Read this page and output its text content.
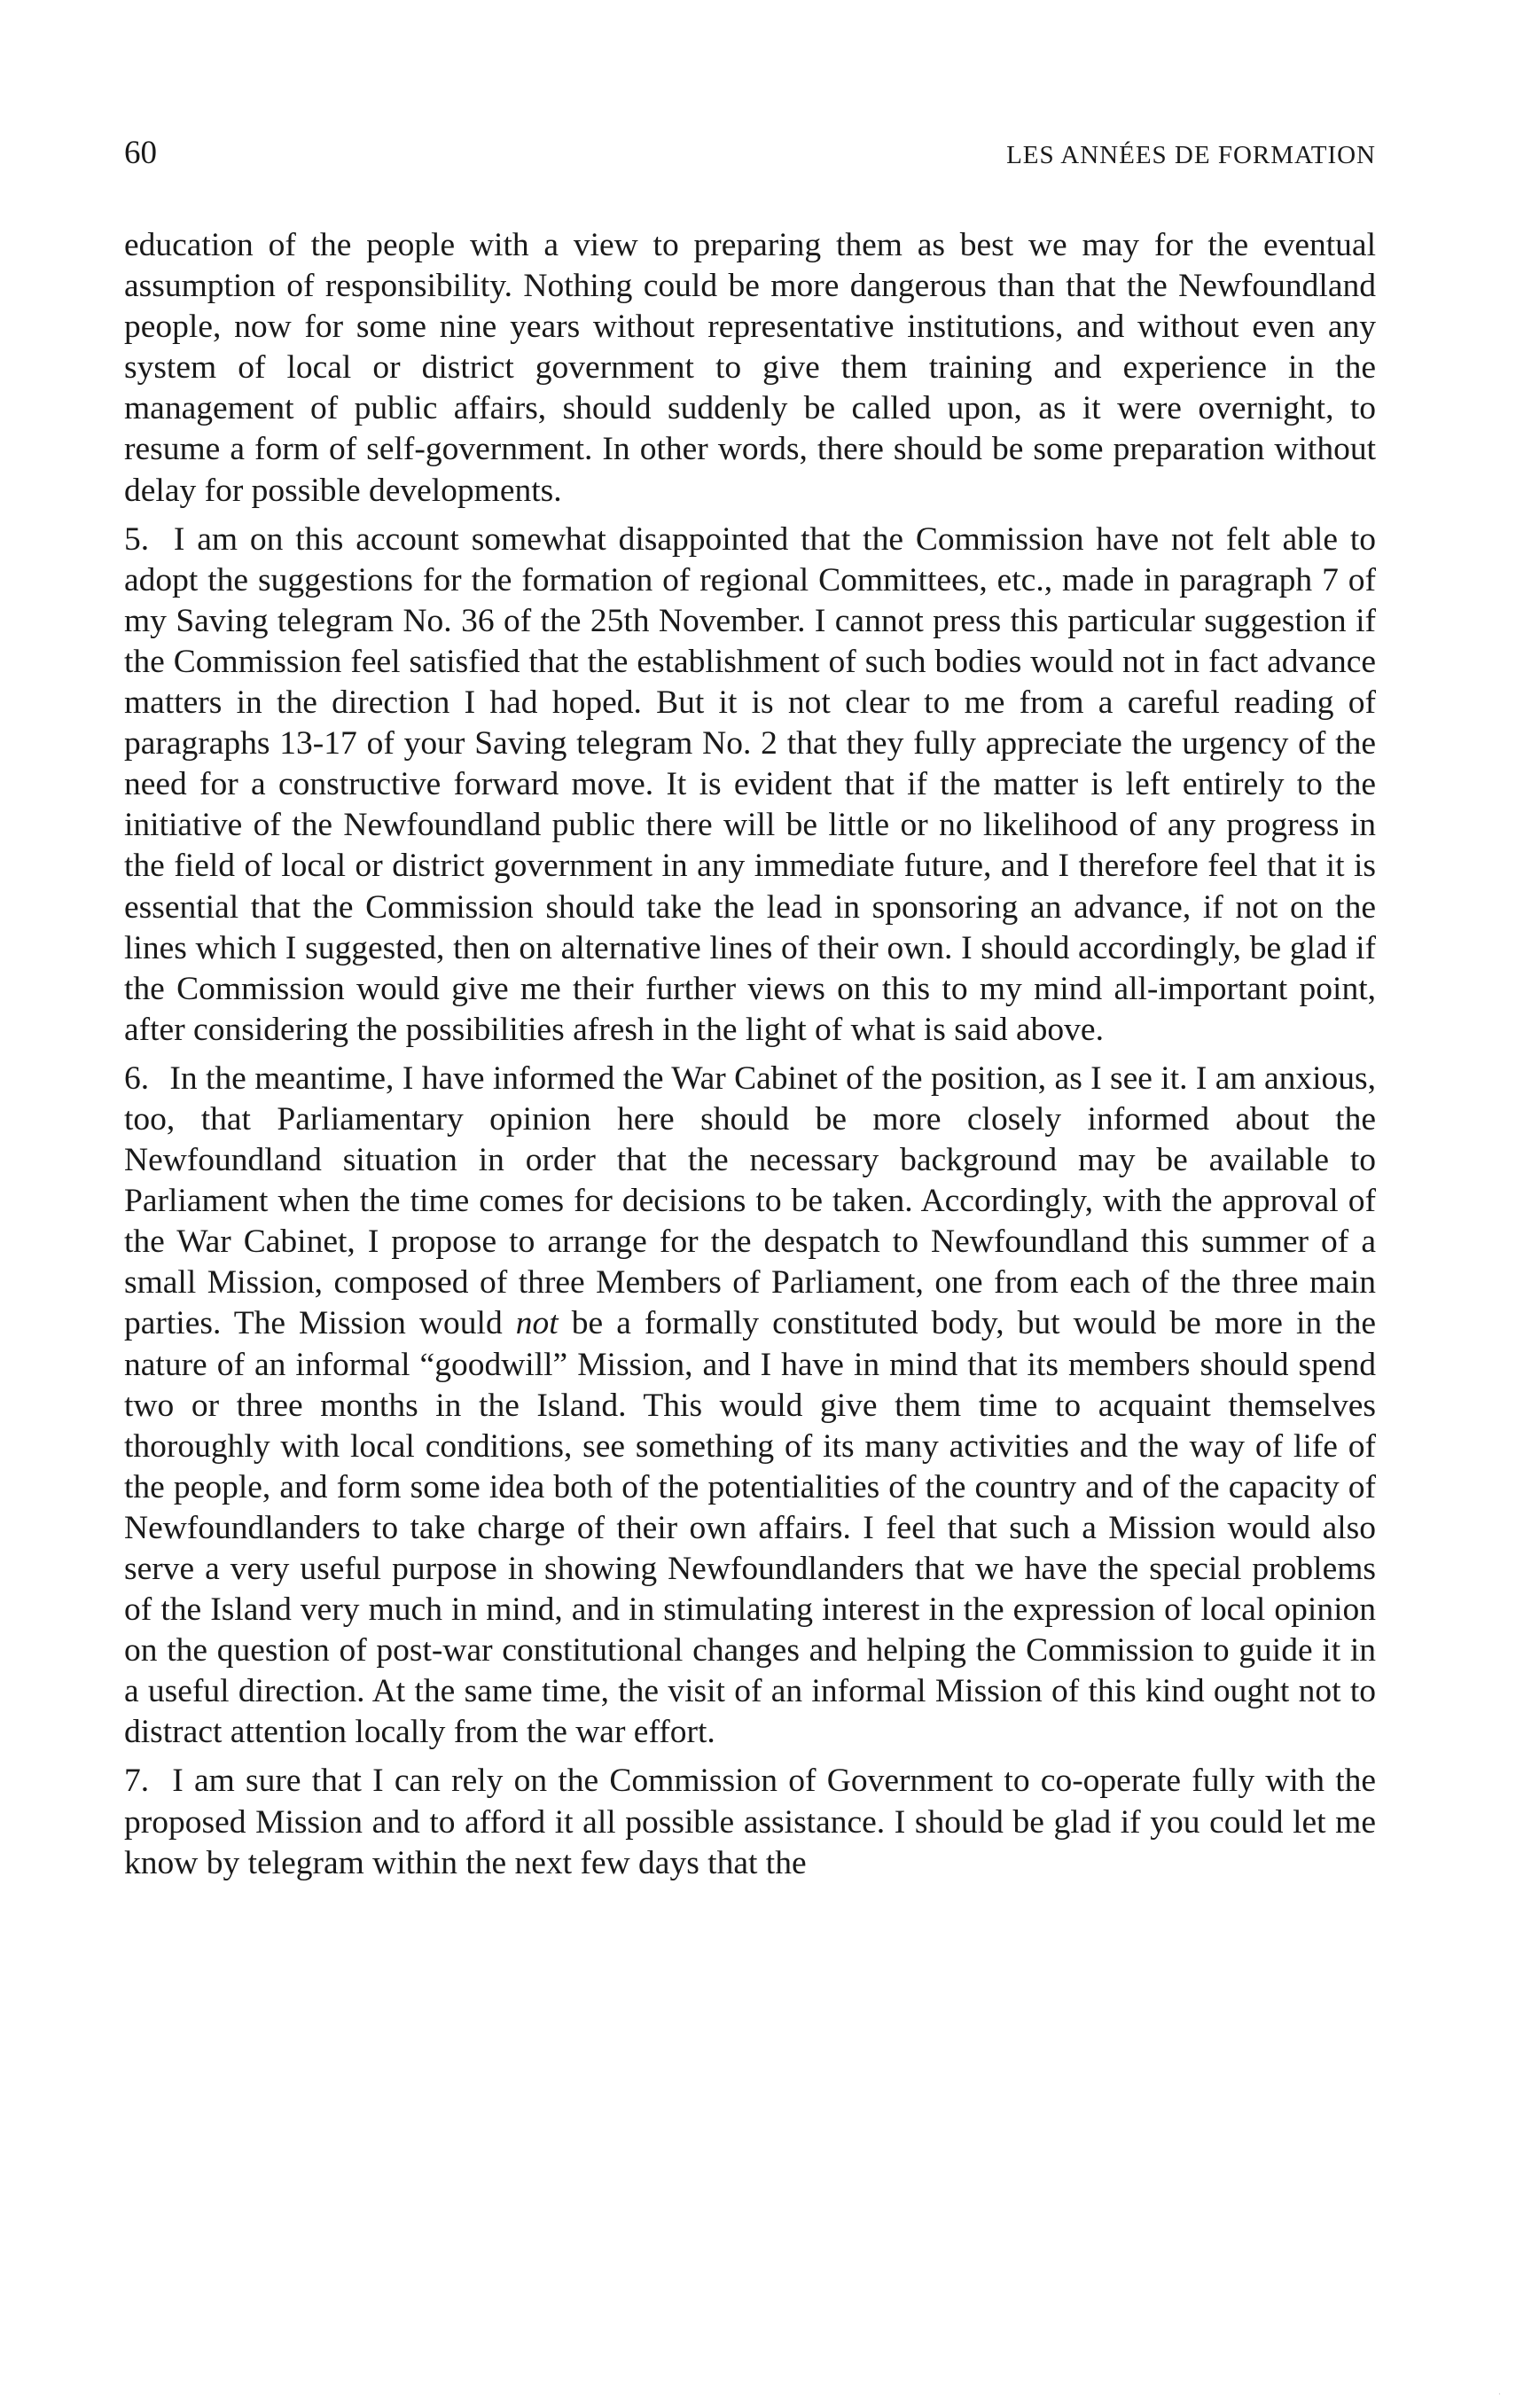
60	LES ANNÉES DE FORMATION

education of the people with a view to preparing them as best we may for the eventual assumption of responsibility. Nothing could be more dangerous than that the Newfoundland people, now for some nine years without representative institutions, and without even any system of local or district government to give them training and experience in the management of public affairs, should suddenly be called upon, as it were overnight, to resume a form of self-government. In other words, there should be some preparation without delay for possible developments.

5. I am on this account somewhat disappointed that the Commission have not felt able to adopt the suggestions for the formation of regional Committees, etc., made in paragraph 7 of my Saving telegram No. 36 of the 25th November. I cannot press this particular suggestion if the Commission feel satisfied that the establishment of such bodies would not in fact advance matters in the direction I had hoped. But it is not clear to me from a careful reading of paragraphs 13-17 of your Saving telegram No. 2 that they fully appreciate the urgency of the need for a constructive forward move. It is evident that if the matter is left entirely to the initiative of the Newfoundland public there will be little or no likelihood of any progress in the field of local or district government in any immediate future, and I therefore feel that it is essential that the Commission should take the lead in sponsoring an advance, if not on the lines which I suggested, then on alternative lines of their own. I should accordingly, be glad if the Commission would give me their further views on this to my mind all-important point, after considering the possibilities afresh in the light of what is said above.

6. In the meantime, I have informed the War Cabinet of the position, as I see it. I am anxious, too, that Parliamentary opinion here should be more closely informed about the Newfoundland situation in order that the necessary background may be available to Parliament when the time comes for decisions to be taken. Accordingly, with the approval of the War Cabinet, I propose to arrange for the despatch to Newfoundland this summer of a small Mission, composed of three Members of Parliament, one from each of the three main parties. The Mission would not be a formally constituted body, but would be more in the nature of an informal “goodwill” Mission, and I have in mind that its members should spend two or three months in the Island. This would give them time to acquaint themselves thoroughly with local conditions, see something of its many activities and the way of life of the people, and form some idea both of the potentialities of the country and of the capacity of Newfoundlanders to take charge of their own affairs. I feel that such a Mission would also serve a very useful purpose in showing Newfoundlanders that we have the special problems of the Island very much in mind, and in stimulating interest in the expression of local opinion on the question of post-war constitutional changes and helping the Commission to guide it in a useful direction. At the same time, the visit of an informal Mission of this kind ought not to distract attention locally from the war effort.

7. I am sure that I can rely on the Commission of Government to co-operate fully with the proposed Mission and to afford it all possible assistance. I should be glad if you could let me know by telegram within the next few days that the

·
